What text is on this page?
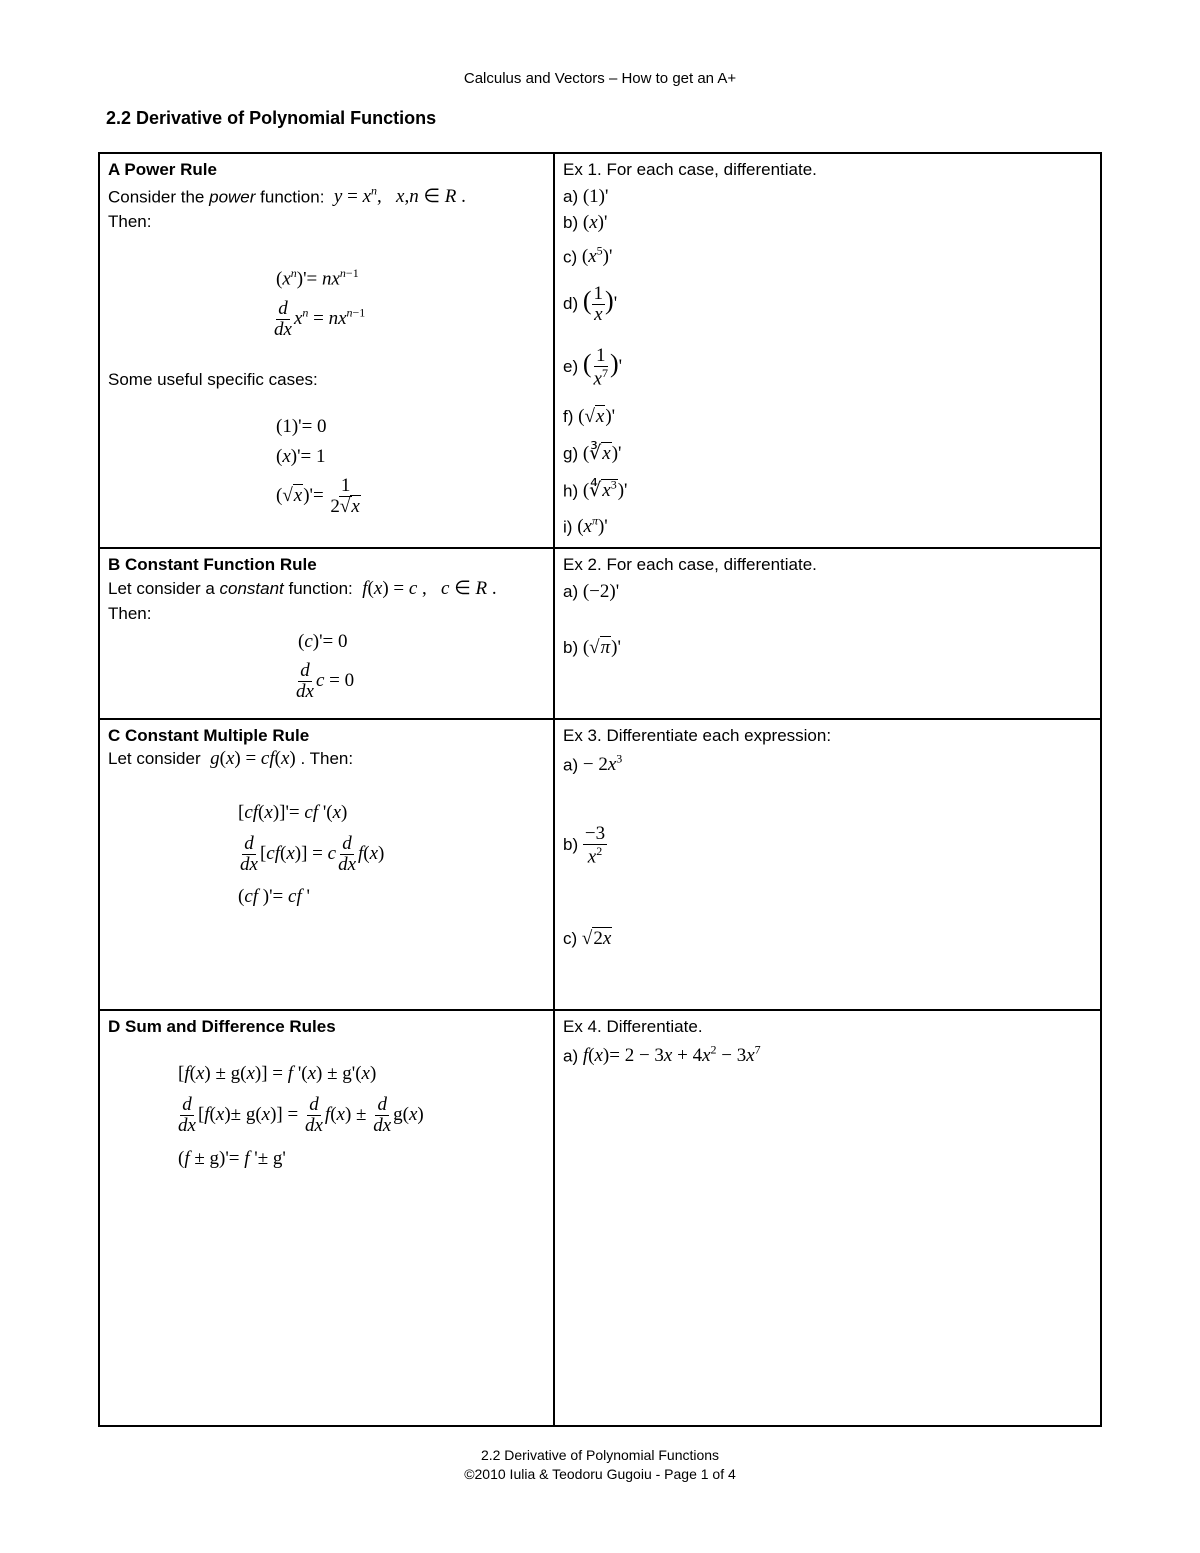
Calculus and Vectors – How to get an A+
2.2 Derivative of Polynomial Functions
A Power Rule
Consider the power function: $y = x^n$,   x,n ∈ R .
Then:
$(x^n)'= nx^{n-1}$
$\frac{d}{dx} x^n = nx^{n-1}$
Some useful specific cases:
(1)'= 0
(x)'= 1
$(√x)'= \frac{1}{2√x}$
Ex 1. For each case, differentiate.
a) (1)'
b) (x)'
c) $(x^5)'$
d) ( $\frac{1}{x}$ )'
e) ( $\frac{1}{x^7}$ )'
f) (√x)'
g) (∛x)'
h) $(∜x^3)'$
i) $(x^\pi)'$
B Constant Function Rule
Let consider a constant function: f(x) = c ,   c ∈ R .
Then:
(c)'= 0
$\frac{d}{dx}$ c = 0
Ex 2. For each case, differentiate.
a) (−2)'
b) (√π)'
C Constant Multiple Rule
Let consider g(x) = cf(x) . Then:
[cf(x)]'= cf '(x)
$\frac{d}{dx} [cf(x)] = c \frac{d}{dx} f(x)$
(cf )'= cf '
Ex 3. Differentiate each expression:
$a) - 2x^3$
$b) \frac{-3}{x^2}$
c) √2x
D Sum and Difference Rules
[f(x) ± g(x)] = f '(x) ± g'(x)
$\frac{d}{dx} [f(x)\pm g(x)] = \frac{d}{dx} f(x) \pm \frac{d}{dx} g(x)$
(f ± g)'= f '± g'
Ex 4. Differentiate.
a) $f(x)= 2 - 3x + 4x^2 - 3x^7$
2.2 Derivative of Polynomial Functions
©2010 Iulia & Teodoru Gugoiu - Page 1 of 4
